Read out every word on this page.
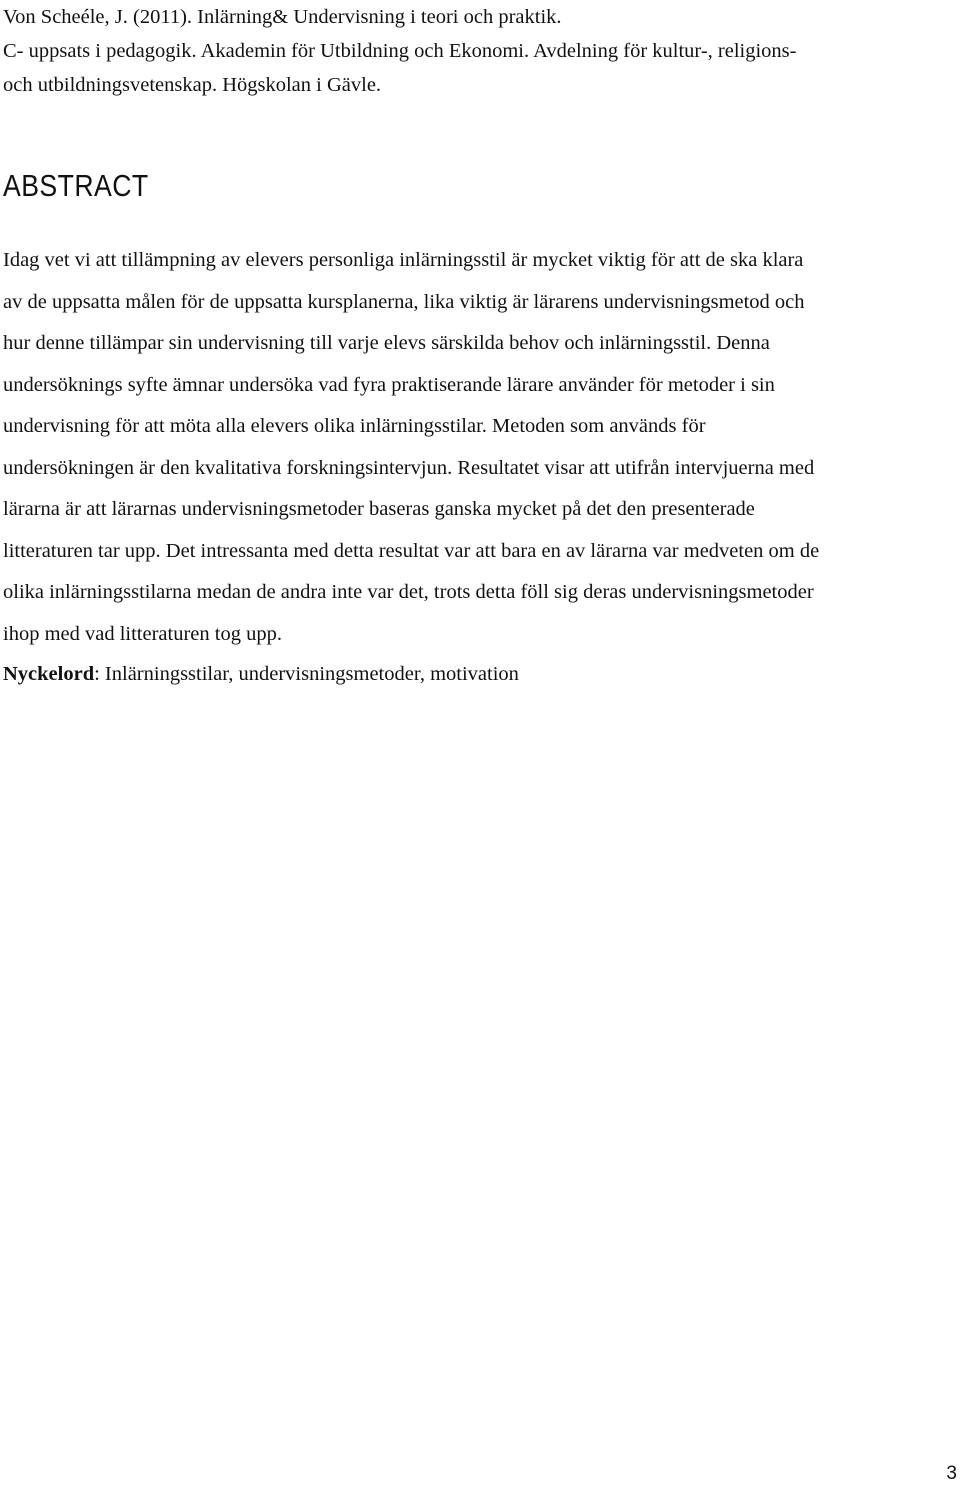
Von Scheéle, J. (2011). Inlärning& Undervisning i teori och praktik.
C- uppsats i pedagogik. Akademin för Utbildning och Ekonomi. Avdelning för kultur-, religions-
och utbildningsvetenskap. Högskolan i Gävle.
ABSTRACT

Idag vet vi att tillämpning av elevers personliga inlärningsstil är mycket viktig för att de ska klara
av de uppsatta målen för de uppsatta kursplanerna, lika viktig är lärarens undervisningsmetod och
hur denne tillämpar sin undervisning till varje elevs särskilda behov och inlärningsstil. Denna
undersöknings syfte ämnar undersöka vad fyra praktiserande lärare använder för metoder i sin
undervisning för att möta alla elevers olika inlärningsstilar. Metoden som används för
undersökningen är den kvalitativa forskningsintervjun. Resultatet visar att utifrån intervjuerna med
lärarna är att lärarnas undervisningsmetoder baseras ganska mycket på det den presenterade
litteraturen tar upp. Det intressanta med detta resultat var att bara en av lärarna var medveten om de
olika inlärningsstilarna medan de andra inte var det, trots detta föll sig deras undervisningsmetoder
ihop med vad litteraturen tog upp.

Nyckelord: Inlärningsstilar, undervisningsmetoder, motivation
3
